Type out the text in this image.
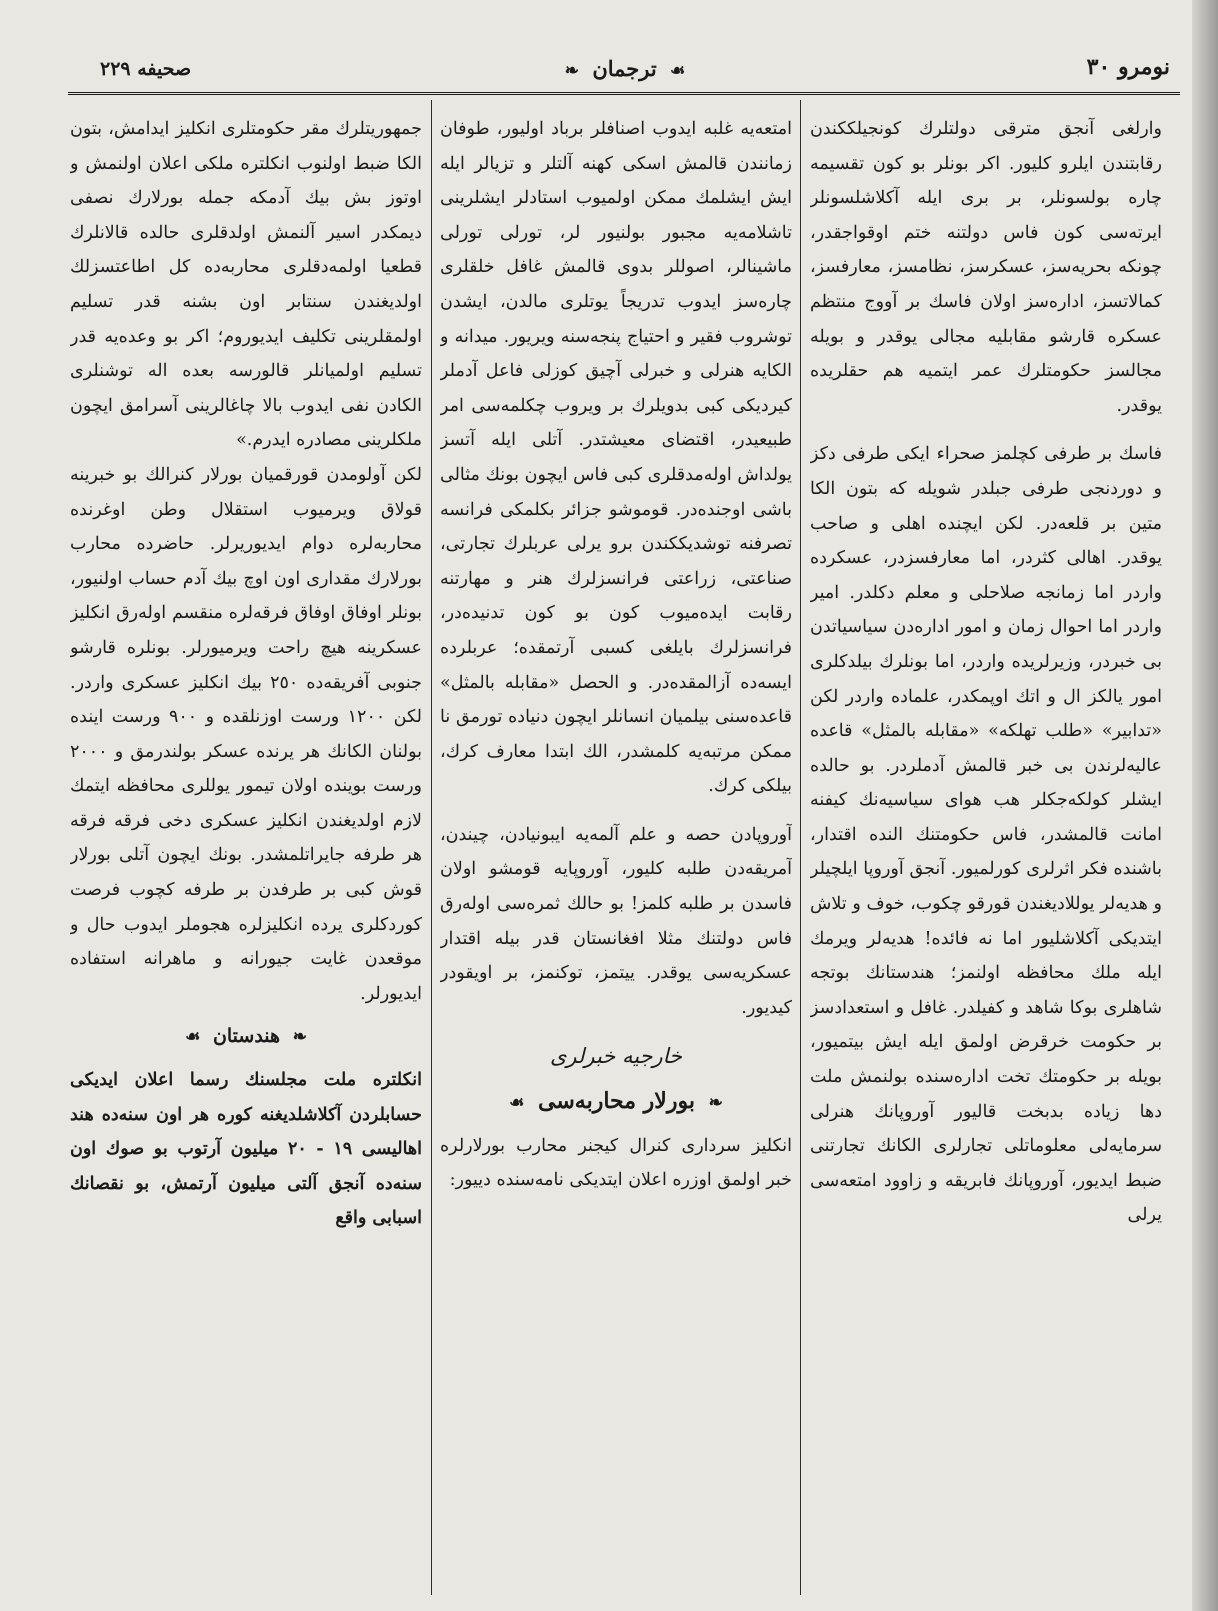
صحيفه ٢٢٩	❧ ترجمان ☙	نومرو ٣٠

وارلغی آنجق مترقی دولتلرك كونجیلككندن رقابتندن ایلرو كلیور. اكر بونلر بو كون تقسیمه چاره بولسونلر، بر بری ایله آكلاشلسونلر ایرته‌سی كون فاس دولتنه ختم اوقواجقدر، چونكه بحریه‌سز، عسكرسز، نظامسز، معارفسز، كمالاتسز، اداره‌سز اولان فاسك بر آووج منتظم عسكره قارشو مقابلیه مجالی یوقدر و بویله مجالسز حكومتلرك عمر ایتمیه هم حقلریده یوقدر.

فاسك بر طرفی كچلمز صحراء ایكی طرفی دكز و دوردنجی طرفی جبلدر شویله كه بتون الكا متین بر قلعه‌در. لكن ایچنده اهلی و صاحب یوقدر. اهالی كثردر، اما معارفسزدر، عسكرده واردر اما زمانجه صلاحلی و معلم دكلدر. امیر واردر اما احوال زمان و امور اداره‌دن سیاسیاتدن بی خبردر، وزیرلریده واردر، اما بونلرك بیلدكلری امور یالكز ال و اتك اوپمكدر، علماده واردر لكن «تدابیر» «طلب تهلكه» «مقابله بالمثل» قاعده عالیه‌لرندن بی خبر قالمش آدملردر. بو حالده ایشلر كولكه‌جكلر هب هوای سیاسیه‌نك كیفنه امانت قالمشدر، فاس حكومتنك النده اقتدار، باشنده فكر اثرلری كورلمیور. آنجق آوروپا ایلچیلر و هدیه‌لر یوللادیغندن قورقو چكوب، خوف و تلاش ایتدیكی آكلاشلیور اما نه فائده! هدیه‌لر ویرمك ایله ملك محافظه اولنمز؛ هندستانك بوتجه شاهلری بوكا شاهد و كفیلدر. غافل و استعدادسز بر حكومت خرقرض اولمق ایله ایش بیتمیور، بویله بر حكومتك تخت اداره‌سنده بولنمش ملت دها زیاده بدبخت قالیور آوروپانك هنرلی سرمایه‌لی معلوماتلی تجارلری الكانك تجارتنی ضبط ایدیور، آوروپانك فابریقه و زاوود امتعه‌سی یرلی

امتعه‌یه غلبه ایدوب اصنافلر برباد اولیور، طوفان زمانندن قالمش اسكی كهنه آلتلر و تزیالر ایله ایش ایشلمك ممكن اولمیوب استادلر ایشلرینی تاشلامه‌یه مجبور بولنیور لر، تورلی تورلی ماشینالر، اصوللر بدوی قالمش غافل خلقلری چاره‌سز ایدوب تدریجاً یوتلری مالدن، ایشدن توشروب فقیر و احتیاج پنجه‌سنه ویریور. میدانه و الكایه هنرلی و خبرلی آچیق كوزلی فاعل آدملر كیردیكی كبی بدویلرك بر ویروب چكلمه‌سی امر طبیعیدر، اقتضای معیشتدر. آتلی ایله آتسز یولداش اوله‌مدقلری كبی فاس ایچون بونك مثالی باشی اوجنده‌در. قوموشو جزائر بكلمكی فرانسه تصرفنه توشدیككندن برو یرلی عربلرك تجارتی، صناعتی، زراعتی فرانسزلرك هنر و مهارتنه رقابت ایده‌میوب كون بو كون تدنیده‌در، فرانسزلرك بایلغی كسبی آرتمقده؛ عربلرده ایسه‌ده آزالمقده‌در. و الحصل «مقابله بالمثل» قاعده‌سنی بیلمیان انسانلر ایچون دنیاده تورمق نا ممكن مرتبه‌یه كلمشدر، الك ابتدا معارف كرك، بیلكی كرك.

آوروپادن حصه و علم آلمه‌یه ایبونیادن، چیندن، آمریقه‌دن طلبه كلیور، آوروپایه قومشو اولان فاسدن بر طلبه كلمز! بو حالك ثمره‌سی اوله‌رق فاس دولتنك مثلا افغانستان قدر بیله اقتدار عسكریه‌سی یوقدر. ییتمز، توكنمز، بر اویقودر كیدیور.

خارجیه خبرلری
❧ بورلار محاربه‌سی ☙

انكلیز سرداری كنرال كیجنر محارب بورلارلره خبر اولمق اوزره اعلان ایتدیكی نامه‌سنده دییور:

جمهوریتلرك مقر حكومتلری انكلیز ایدامش، بتون الكا ضبط اولنوب انكلتره ملكی اعلان اولنمش و اوتوز بش بیك آدمكه جمله بورلارك نصفی دیمكدر اسیر آلنمش اولدقلری حالده قالانلرك قطعیا اولمه‌دقلری محاربه‌ده كل اطاعتسزلك اولدیغندن سنتابر اون بشنه قدر تسلیم اولمقلرینی تكلیف ایدیوروم؛ اكر بو وعده‌یه قدر تسلیم اولمیانلر قالورسه بعده اله توشنلری الكادن نفی ایدوب بالا چاغالرینی آسرامق ایچون ملكلرینی مصادره ایدرم.»

لكن آولومدن قورقمیان بورلار كنرالك بو خبرینه قولاق ویرمیوب استقلال وطن اوغرنده محاربه‌لره دوام ایدیوریرلر. حاضرده محارب بورلارك مقداری اون اوچ بیك آدم حساب اولنیور، بونلر اوفاق اوفاق فرقه‌لره منقسم اوله‌رق انكلیز عسكرینه هیچ راحت ویرمیورلر. بونلره قارشو جنوبی آفریقه‌ده ٢٥٠ بیك انكلیز عسكری واردر. لكن ١٢٠٠ ورست اوزنلقده و ٩٠٠ ورست اینده بولنان الكانك هر یرنده عسكر بولندرمق و ٢٠٠٠ ورست بوینده اولان تیمور یوللری محافظه ایتمك لازم اولدیغندن انكلیز عسكری دخی فرقه فرقه هر طرفه جایراتلمشدر. بونك ایچون آتلی بورلار قوش كبی بر طرفدن بر طرفه كچوب فرصت كوردكلری یرده انكلیزلره هجوملر ایدوب حال و موقعدن غایت جیورانه و ماهرانه استفاده ایدیورلر.

❧ هندستان ☙

انكلتره ملت مجلسنك رسما اعلان ایدیكی حسابلردن آكلاشلدیغنه كوره هر اون سنه‌ده هند اهالیسی ١٩ - ٢٠ میلیون آرتوب بو صوك اون سنه‌ده آنجق آلتی میلیون آرتمش، بو نقصانك اسبابی واقع
